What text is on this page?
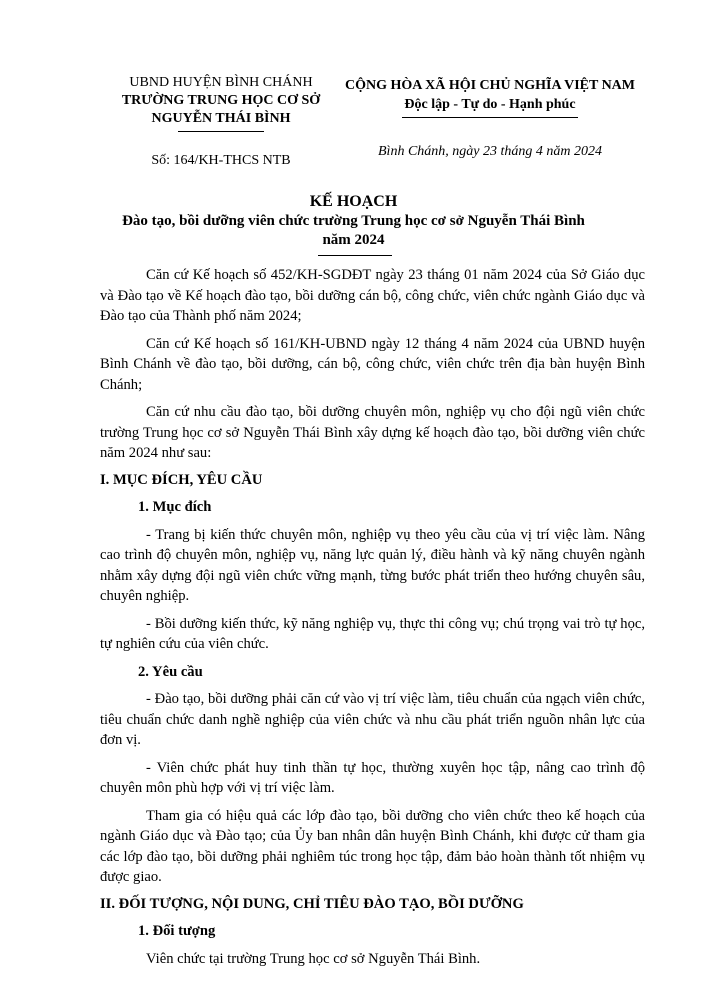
UBND HUYỆN BÌNH CHÁNH
TRƯỜNG TRUNG HỌC CƠ SỞ
NGUYỄN THÁI BÌNH
Số: 164/KH-THCS NTB
CỘNG HÒA XÃ HỘI CHỦ NGHĨA VIỆT NAM
Độc lập - Tự do - Hạnh phúc
Bình Chánh, ngày 23 tháng 4 năm 2024
KẾ HOẠCH
Đào tạo, bồi dưỡng viên chức trường Trung học cơ sở Nguyễn Thái Bình
năm 2024

Căn cứ Kế hoạch số 452/KH-SGDĐT ngày 23 tháng 01 năm 2024 của Sở Giáo dục và Đào tạo về Kế hoạch đào tạo, bồi dưỡng cán bộ, công chức, viên chức ngành Giáo dục và Đào tạo của Thành phố năm 2024;

Căn cứ Kế hoạch số 161/KH-UBND ngày 12 tháng 4 năm 2024 của UBND huyện Bình Chánh về đào tạo, bồi dưỡng, cán bộ, công chức, viên chức trên địa bàn huyện Bình Chánh;

Căn cứ nhu cầu đào tạo, bồi dưỡng chuyên môn, nghiệp vụ cho đội ngũ viên chức trường Trung học cơ sở Nguyễn Thái Bình xây dựng kế hoạch đào tạo, bồi dưỡng viên chức năm 2024 như sau:

I. MỤC ĐÍCH, YÊU CẦU

1. Mục đích

- Trang bị kiến thức chuyên môn, nghiệp vụ theo yêu cầu của vị trí việc làm. Nâng cao trình độ chuyên môn, nghiệp vụ, năng lực quản lý, điều hành và kỹ năng chuyên ngành nhằm xây dựng đội ngũ viên chức vững mạnh, từng bước phát triển theo hướng chuyên sâu, chuyên nghiệp.

- Bồi dưỡng kiến thức, kỹ năng nghiệp vụ, thực thi công vụ; chú trọng vai trò tự học, tự nghiên cứu của viên chức.

2. Yêu cầu

- Đào tạo, bồi dưỡng phải căn cứ vào vị trí việc làm, tiêu chuẩn của ngạch viên chức, tiêu chuẩn chức danh nghề nghiệp của viên chức và nhu cầu phát triển nguồn nhân lực của đơn vị.

- Viên chức phát huy tinh thần tự học, thường xuyên học tập, nâng cao trình độ chuyên môn phù hợp với vị trí việc làm.

Tham gia có hiệu quả các lớp đào tạo, bồi dưỡng cho viên chức theo kế hoạch của ngành Giáo dục và Đào tạo; của Ủy ban nhân dân huyện Bình Chánh, khi được cử tham gia các lớp đào tạo, bồi dưỡng phải nghiêm túc trong học tập, đảm bảo hoàn thành tốt nhiệm vụ được giao.

II. ĐỐI TƯỢNG, NỘI DUNG, CHỈ TIÊU ĐÀO TẠO, BỒI DƯỠNG

1. Đối tượng

Viên chức tại trường Trung học cơ sở Nguyễn Thái Bình.
